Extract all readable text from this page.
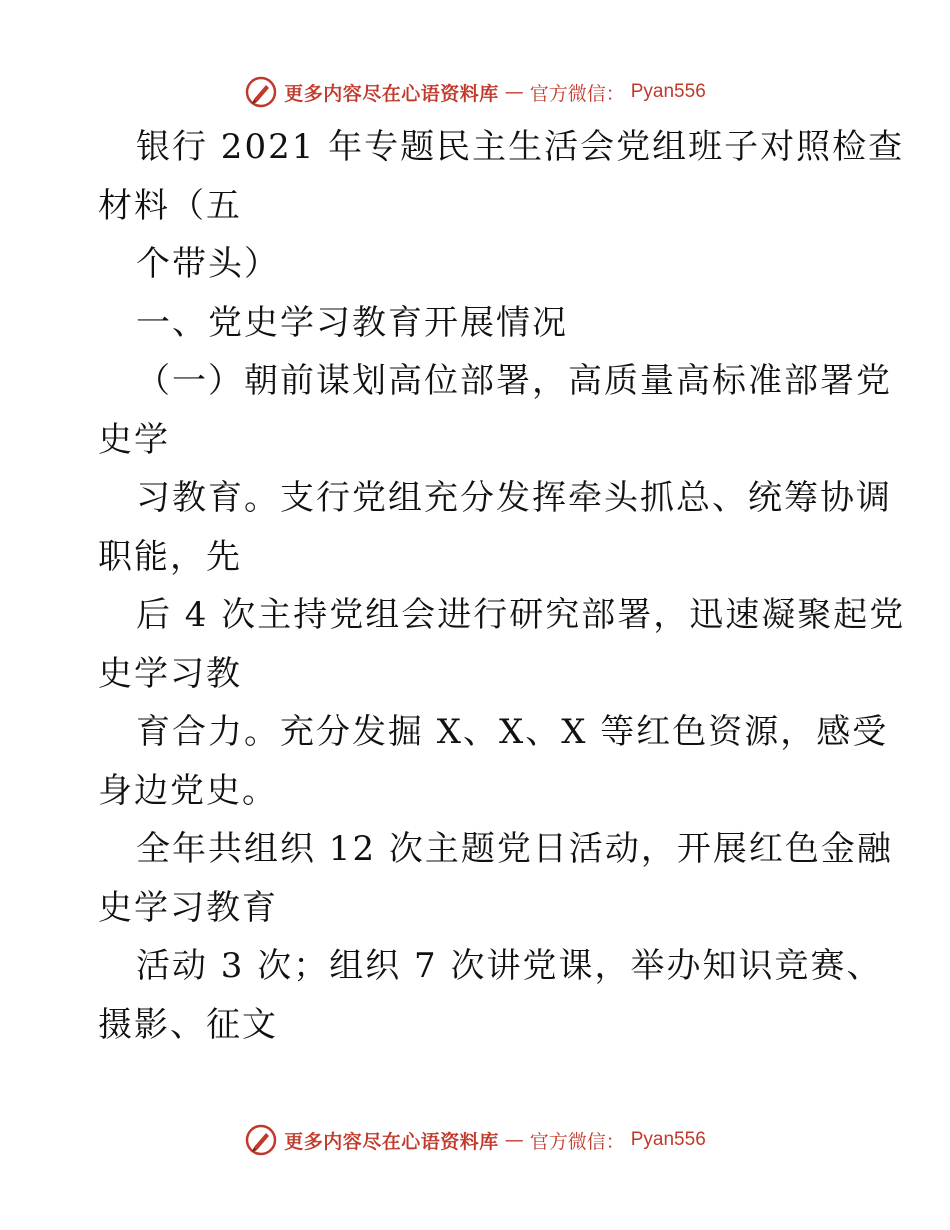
更多内容尽在心语资料库 — 官方微信： Pyan556
银行 2021 年专题民主生活会党组班子对照检查
材料（五
个带头）
一、党史学习教育开展情况
（一）朝前谋划高位部署，高质量高标准部署党
史学
习教育。支行党组充分发挥牵头抓总、统筹协调
职能，先
后 4 次主持党组会进行研究部署，迅速凝聚起党
史学习教
育合力。充分发掘 X、X、X 等红色资源，感受
身边党史。
全年共组织 12 次主题党日活动，开展红色金融
史学习教育
活动 3 次；组织 7 次讲党课，举办知识竞赛、
摄影、征文
更多内容尽在心语资料库 — 官方微信： Pyan556
